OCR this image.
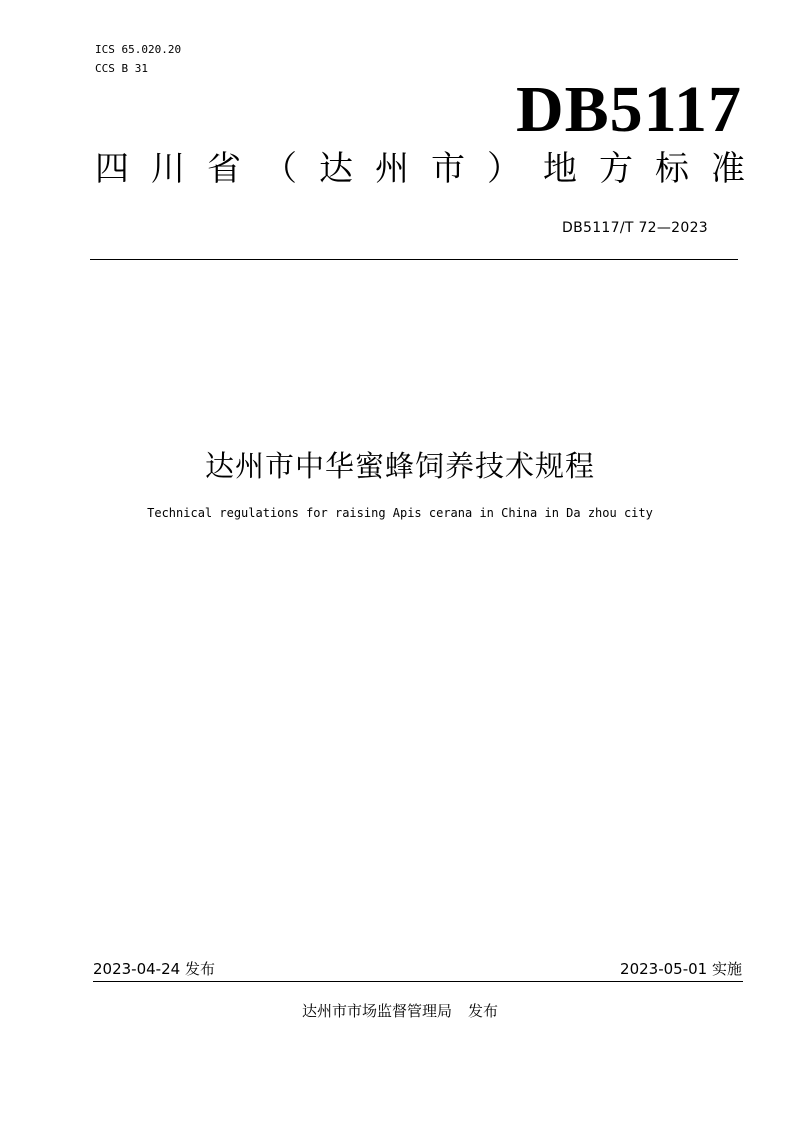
ICS 65.020.20
CCS B 31
DB5117
四 川 省 （ 达 州 市 ） 地 方 标 准
DB5117/T 72—2023
达州市中华蜜蜂饲养技术规程
Technical regulations for raising Apis cerana in China in Da zhou city
2023-04-24 发布	2023-05-01 实施
达州市市场监督管理局 发布
